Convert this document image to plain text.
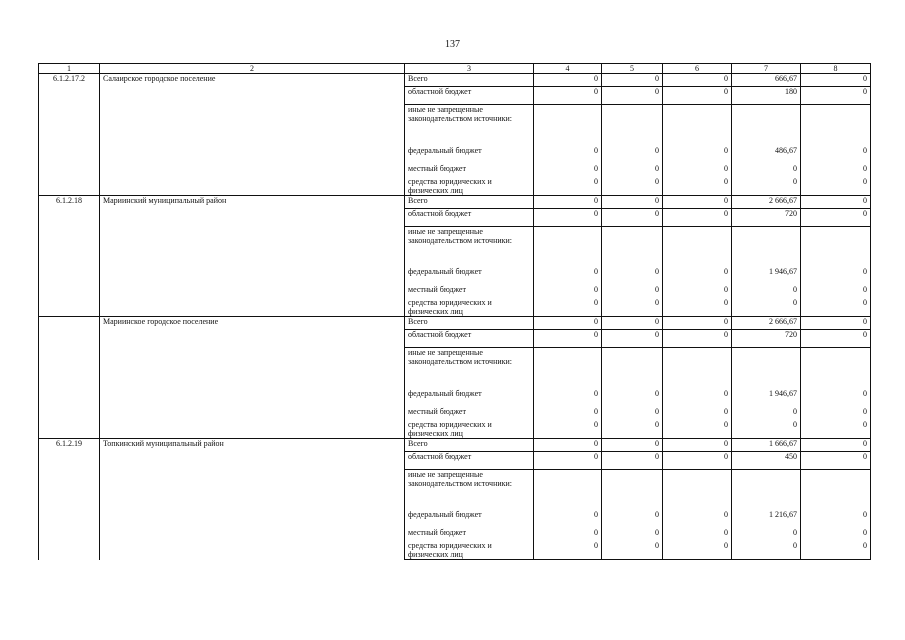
137
1	2	3	4	5	6	7	8
6.1.2.17.2	Салаирское городское поселение	Всего	0	0	0	666,67	0
		областной бюджет	0	0	0	180	0
		иные не запрещенные законодательством источники:					
		федеральный бюджет	0	0	0	486,67	0
		местный бюджет	0	0	0	0	0
		средства юридических и физических лиц	0	0	0	0	0
6.1.2.18	Мариинский муниципальный район	Всего	0	0	0	2 666,67	0
		областной бюджет	0	0	0	720	0
		иные не запрещенные законодательством источники:					
		федеральный бюджет	0	0	0	1 946,67	0
		местный бюджет	0	0	0	0	0
		средства юридических и физических лиц	0	0	0	0	0
	Мариинское городское поселение	Всего	0	0	0	2 666,67	0
		областной бюджет	0	0	0	720	0
		иные не запрещенные законодательством источники:					
		федеральный бюджет	0	0	0	1 946,67	0
		местный бюджет	0	0	0	0	0
		средства юридических и физических лиц	0	0	0	0	0
6.1.2.19	Топкинский муниципальный район	Всего	0	0	0	1 666,67	0
		областной бюджет	0	0	0	450	0
		иные не запрещенные законодательством источники:					
		федеральный бюджет	0	0	0	1 216,67	0
		местный бюджет	0	0	0	0	0
		средства юридических и физических лиц	0	0	0	0	0
